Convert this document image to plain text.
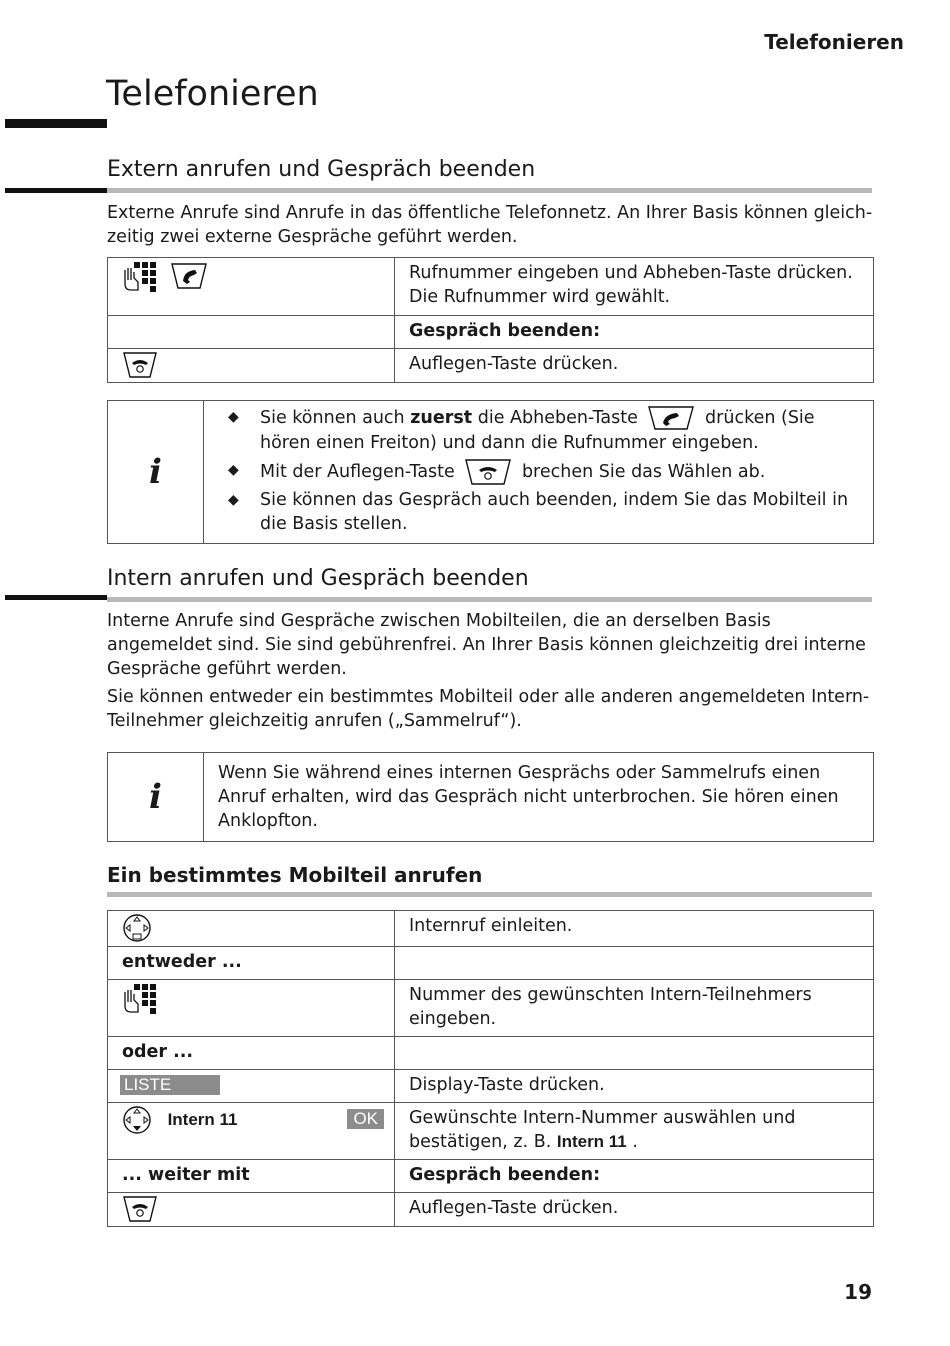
Telefonieren
Telefonieren
Extern anrufen und Gespräch beenden
Externe Anrufe sind Anrufe in das öffentliche Telefonnetz. An Ihrer Basis können gleichzeitig zwei externe Gespräche geführt werden.
	Rufnummer eingeben und Abheben-Taste drücken. Die Rufnummer wird gewählt.
	Gespräch beenden:
	Auflegen-Taste drücken.
i
◆	Sie können auch zuerst die Abheben-Taste	drücken (Sie hören einen Freiton) und dann die Rufnummer eingeben.
◆	Mit der Auflegen-Taste	brechen Sie das Wählen ab.
◆	Sie können das Gespräch auch beenden, indem Sie das Mobilteil in die Basis stellen.
Intern anrufen und Gespräch beenden
Interne Anrufe sind Gespräche zwischen Mobilteilen, die an derselben Basis angemeldet sind. Sie sind gebührenfrei. An Ihrer Basis können gleichzeitig drei interne Gespräche geführt werden.
Sie können entweder ein bestimmtes Mobilteil oder alle anderen angemeldeten Intern-Teilnehmer gleichzeitig anrufen („Sammelruf“).
i
Wenn Sie während eines internen Gesprächs oder Sammelrufs einen Anruf erhalten, wird das Gespräch nicht unterbrochen. Sie hören einen Anklopfton.
Ein bestimmtes Mobilteil anrufen
	Internruf einleiten.
entweder ...	
	Nummer des gewünschten Intern-Teilnehmers eingeben.
oder ...	
LISTE	Display-Taste drücken.
Intern 11 OK	Gewünschte Intern-Nummer auswählen und bestätigen, z. B. Intern 11 .
... weiter mit	Gespräch beenden:
	Auflegen-Taste drücken.
19
